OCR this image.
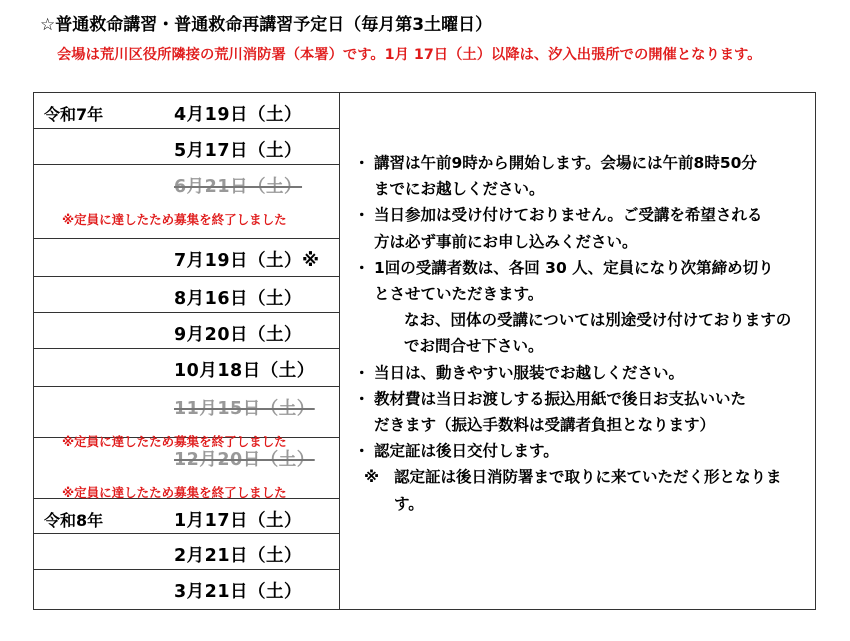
☆普通救命講習・普通救命再講習予定日（毎月第3土曜日）
会場は荒川区役所隣接の荒川消防署（本署）です。1月 17日（土）以降は、汐入出張所での開催となります。
令和7年	4月19日（土）
5月17日（土）
6月21日（土）
※定員に達したため募集を終了しました
7月19日（土）※
8月16日（土）
9月20日（土）
10月18日（土）
11月15日（土）
※定員に達したため募集を終了しました
12月20日（土）
※定員に達したため募集を終了しました
令和8年	1月17日（土）
2月21日（土）
3月21日（土）
・ 講習は午前9時から開始します。会場には午前8時50分
までにお越しください。
・ 当日参加は受け付けておりません。ご受講を希望される
方は必ず事前にお申し込みください。
・ 1回の受講者数は、各回 30 人、定員になり次第締め切り
とさせていただきます。
なお、団体の受講については別途受け付けておりますの
でお問合せ下さい。
・ 当日は、動きやすい服装でお越しください。
・ 教材費は当日お渡しする振込用紙で後日お支払いいた
だきます（振込手数料は受講者負担となります）
・ 認定証は後日交付します。
※ 認定証は後日消防署まで取りに来ていただく形となりま
す。
